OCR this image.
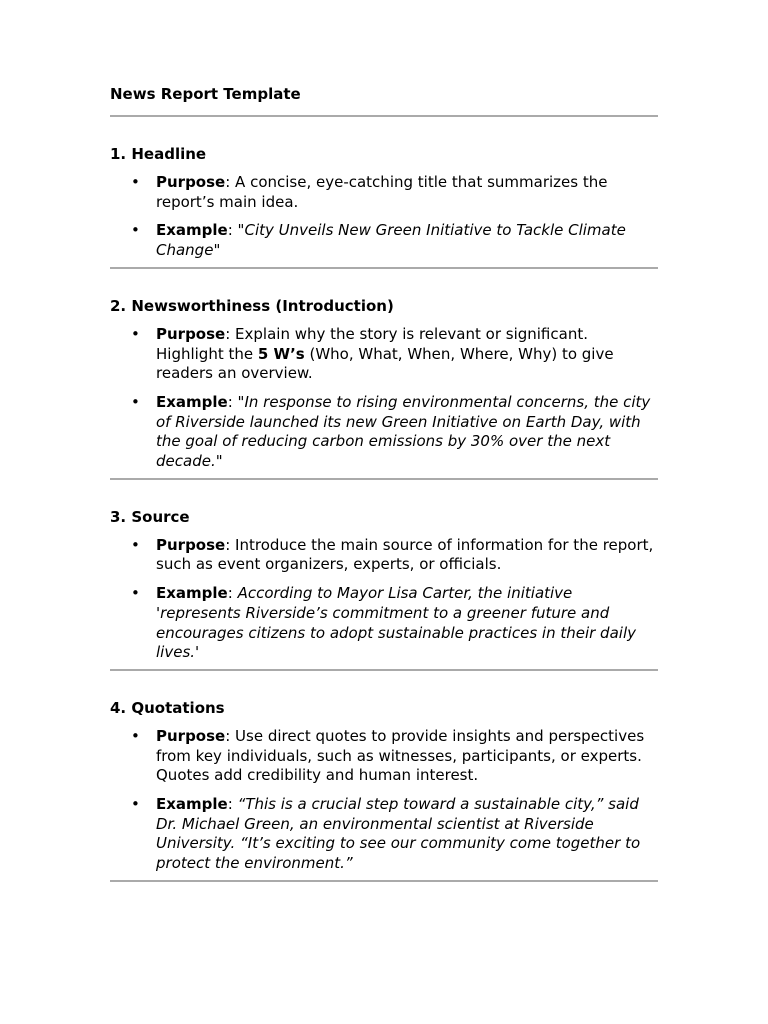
News Report Template

1. Headline

• Purpose: A concise, eye-catching title that summarizes the report’s main idea.
• Example: "City Unveils New Green Initiative to Tackle Climate Change"

2. Newsworthiness (Introduction)

• Purpose: Explain why the story is relevant or significant. Highlight the 5 W’s (Who, What, When, Where, Why) to give readers an overview.
• Example: "In response to rising environmental concerns, the city of Riverside launched its new Green Initiative on Earth Day, with the goal of reducing carbon emissions by 30% over the next decade."

3. Source

• Purpose: Introduce the main source of information for the report, such as event organizers, experts, or officials.
• Example: According to Mayor Lisa Carter, the initiative 'represents Riverside’s commitment to a greener future and encourages citizens to adopt sustainable practices in their daily lives.'

4. Quotations

• Purpose: Use direct quotes to provide insights and perspectives from key individuals, such as witnesses, participants, or experts. Quotes add credibility and human interest.
• Example: “This is a crucial step toward a sustainable city,” said Dr. Michael Green, an environmental scientist at Riverside University. “It’s exciting to see our community come together to protect the environment.”
